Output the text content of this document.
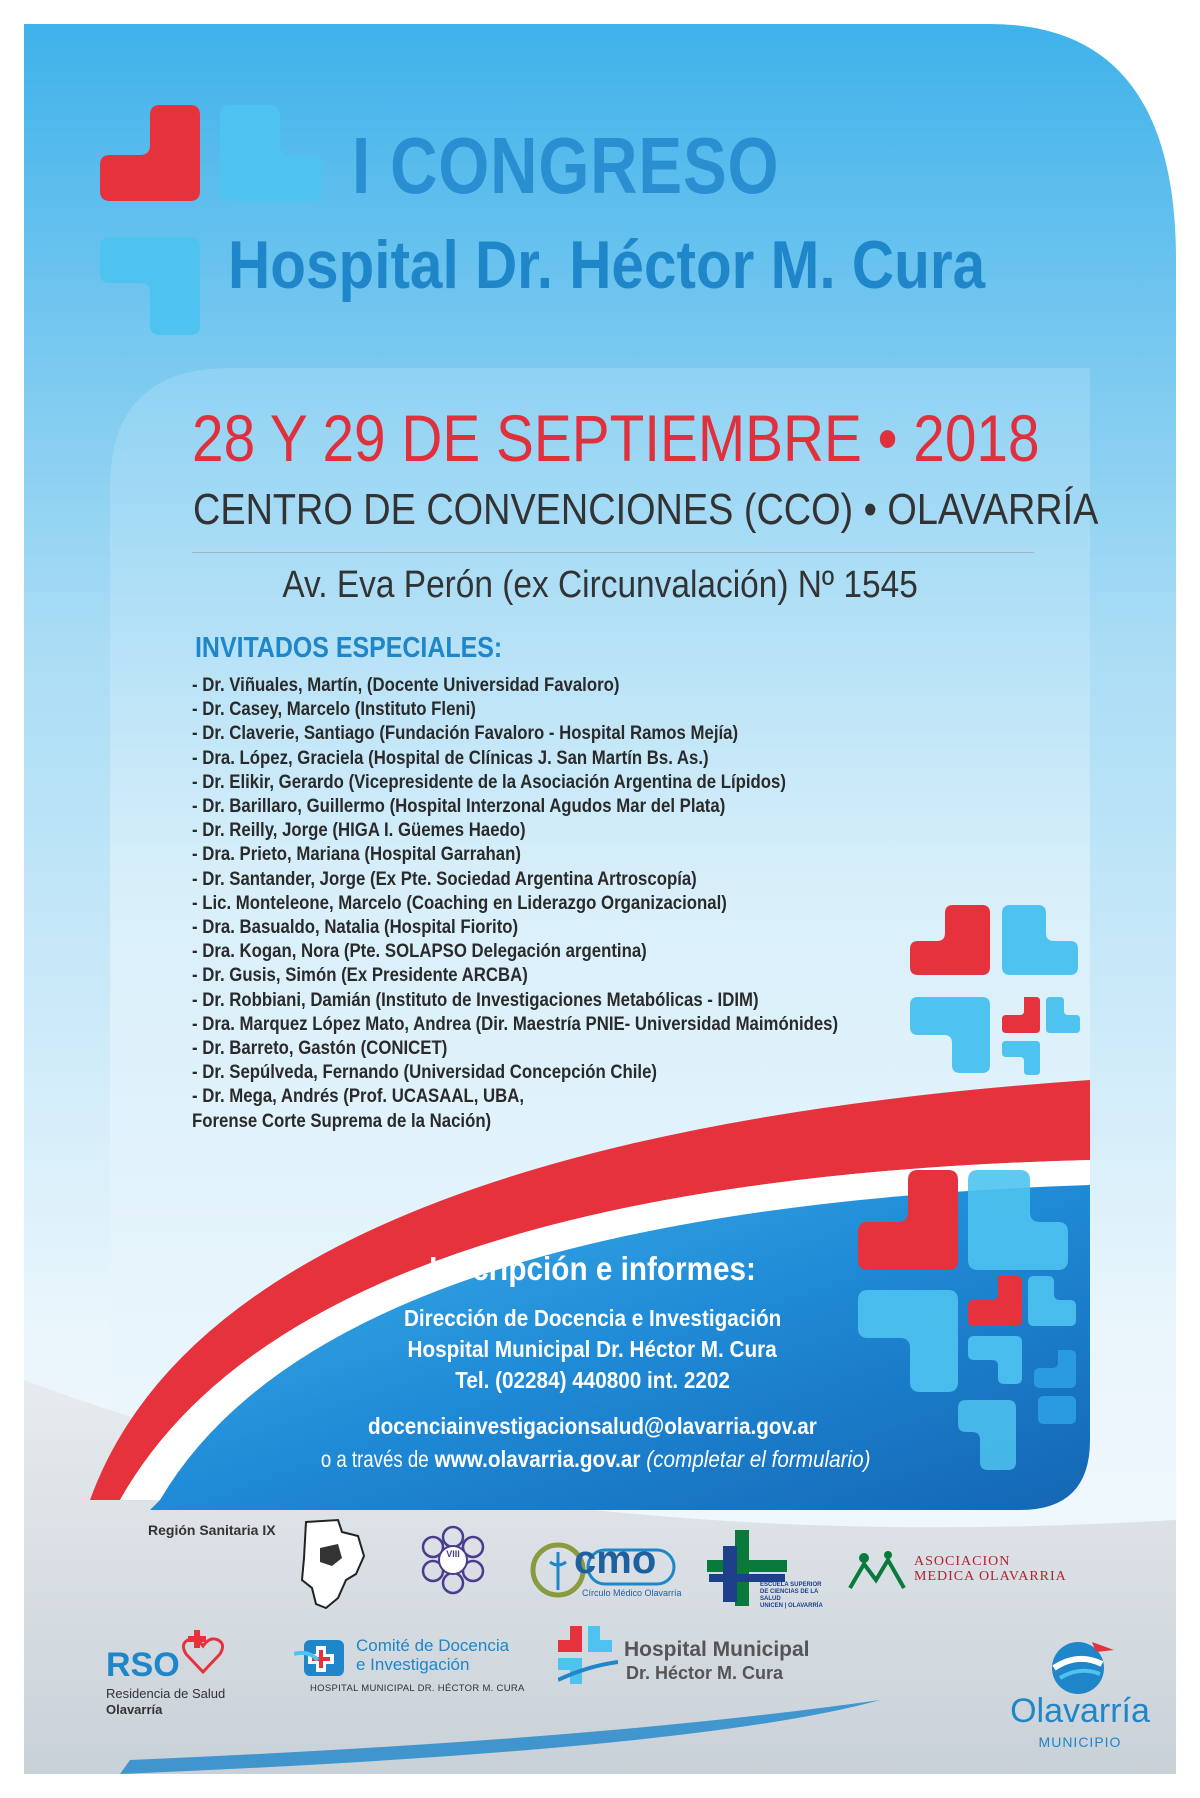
I CONGRESO
Hospital Dr. Héctor M. Cura
28 Y 29 DE SEPTIEMBRE • 2018
CENTRO DE CONVENCIONES (CCO) • OLAVARRÍA
Av. Eva Perón (ex Circunvalación) Nº 1545
INVITADOS ESPECIALES:
- Dr. Viñuales, Martín, (Docente Universidad Favaloro)
- Dr. Casey, Marcelo (Instituto Fleni)
- Dr. Claverie, Santiago (Fundación Favaloro - Hospital Ramos Mejía)
- Dra. López, Graciela (Hospital de Clínicas J. San Martín Bs. As.)
- Dr. Elikir, Gerardo (Vicepresidente de la Asociación Argentina de Lípidos)
- Dr. Barillaro, Guillermo (Hospital Interzonal Agudos Mar del Plata)
- Dr. Reilly, Jorge (HIGA I. Güemes Haedo)
- Dra. Prieto, Mariana (Hospital Garrahan)
- Dr. Santander, Jorge (Ex Pte. Sociedad Argentina Artroscopía)
- Lic. Monteleone, Marcelo (Coaching en Liderazgo Organizacional)
- Dra. Basualdo, Natalia (Hospital Fiorito)
- Dra. Kogan, Nora (Pte. SOLAPSO Delegación argentina)
- Dr. Gusis, Simón (Ex Presidente ARCBA)
- Dr. Robbiani, Damián (Instituto de Investigaciones Metabólicas - IDIM)
- Dra. Marquez López Mato, Andrea (Dir. Maestría PNIE- Universidad Maimónides)
- Dr. Barreto, Gastón (CONICET)
- Dr. Sepúlveda, Fernando (Universidad Concepción Chile)
- Dr. Mega, Andrés (Prof. UCASAAL, UBA,
Forense Corte Suprema de la Nación)
Inscripción e informes:
Dirección de Docencia e Investigación
Hospital Municipal Dr. Héctor M. Cura
Tel. (02284) 440800 int. 2202
docenciainvestigacionsalud@olavarria.gov.ar
o a través dewww.olavarria.gov.ar (completar el formulario)
Región Sanitaria IX
VIII	cmo
Círculo Médico Olavarría
ESCUELA SUPERIOR DE CIENCIAS DE LA SALUD
UNICEN | OLAVARRÍA
ASOCIACION
MEDICA OLAVARRIA
RSO
Residencia de Salud
Olavarría
Comité de Docencia
e Investigación
HOSPITAL MUNICIPAL DR. HÉCTOR M. CURA
Hospital Municipal
Dr. Héctor M. Cura
Olavarría
MUNICIPIO
